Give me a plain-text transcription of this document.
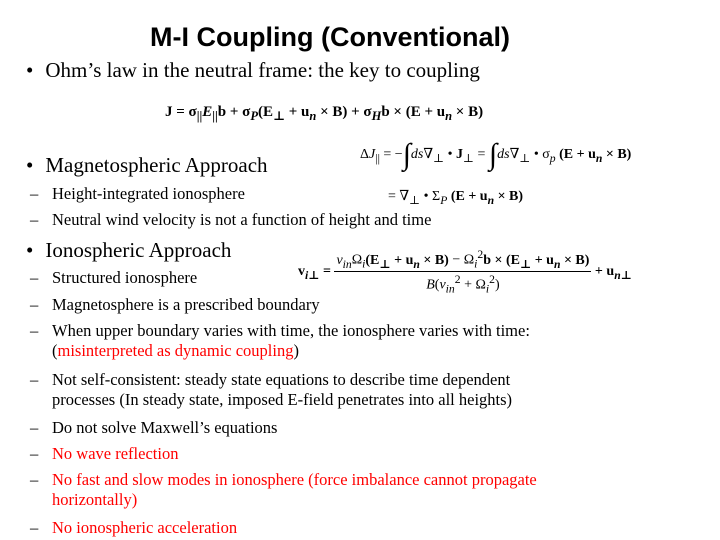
M-I Coupling (Conventional)
• Ohm’s law in the neutral frame: the key to coupling
$J = \sigma_{||}E_{||}b + \sigma_P(E_\perp + u_n \times B) + \sigma_Hb \times (E + u_n \times B)$
• Magnetospheric Approach	$\Delta J_{||} = -\int ds\nabla_\perp$ • $J_\perp = \int ds\nabla_\perp$ • $\sigma_p$ $(E + u_n \times B)$
= $\nabla_\perp$ • $\Sigma_P$ $(E + u_n \times B)$
– Height-integrated ionosphere
– Neutral wind velocity is not a function of height and time
• Ionospheric Approach
$v_{i\perp} = \frac{\nu_{in}\Omega_i(E_\perp + u_n \times B) - \Omega_i^2b \times (E_\perp + u_n \times B)}{B(\nu_{in}^2 + \Omega_i^2)} + u_{n\perp}$
– Structured ionosphere
– Magnetosphere is a prescribed boundary
– When upper boundary varies with time, the ionosphere varies with time:
(misinterpreted as dynamic coupling)
– Not self-consistent: steady state equations to describe time dependent
processes (In steady state, imposed E-field penetrates into all heights)
– Do not solve Maxwell’s equations
– No wave reflection
– No fast and slow modes in ionosphere (force imbalance cannot propagate
horizontally)
– No ionospheric acceleration
